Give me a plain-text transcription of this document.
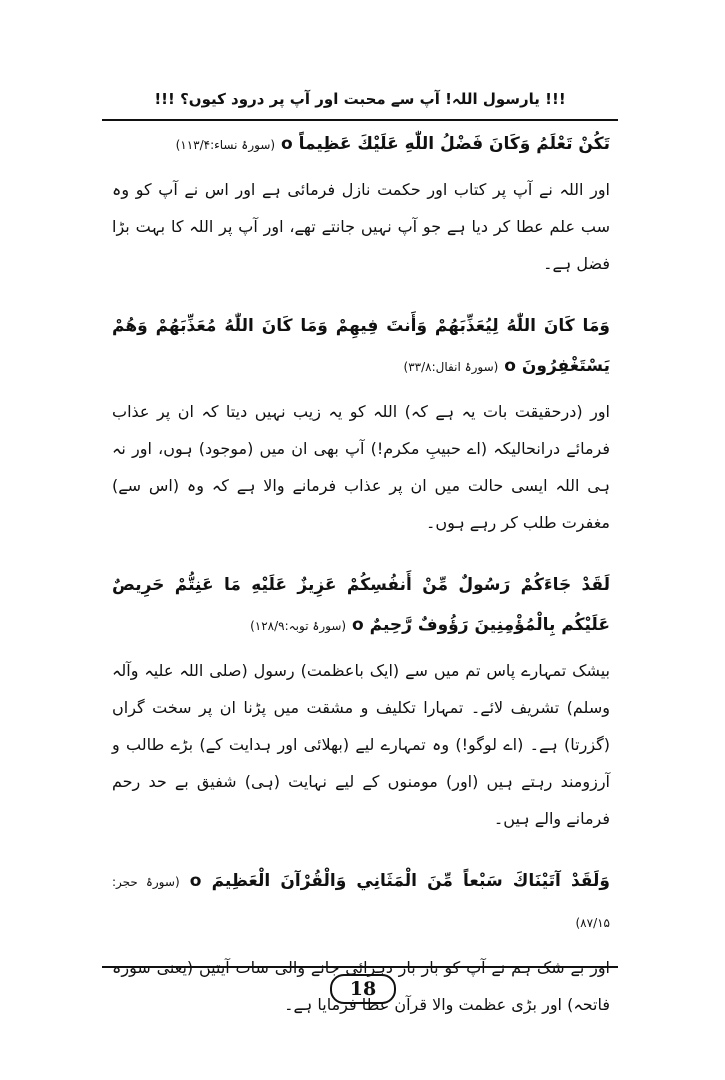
!!! یارسول اللہ! آپ سے محبت اور آپ پر درود کیوں؟ !!!

تَكُنْ تَعْلَمُ وَكَانَ فَضْلُ اللّٰهِ عَلَيْكَ عَظِيماً o (سورۂ نساء:۱۱۳/۴)

اور اللہ نے آپ پر کتاب اور حکمت نازل فرمائی ہے اور اس نے آپ کو وہ سب علم عطا کر دیا ہے جو آپ نہیں جانتے تھے، اور آپ پر اللہ کا بہت بڑا فضل ہے۔

وَمَا كَانَ اللّٰهُ لِيُعَذِّبَهُمْ وَأَنتَ فِيهِمْ وَمَا كَانَ اللّٰهُ مُعَذِّبَهُمْ وَهُمْ يَسْتَغْفِرُونَ o (سورۂ انفال:۳۳/۸)

اور (درحقیقت بات یہ ہے کہ) اللہ کو یہ زیب نہیں دیتا کہ ان پر عذاب فرمائے درانحالیکہ (اے حبیبِ مکرم!) آپ بھی ان میں (موجود) ہوں، اور نہ ہی اللہ ایسی حالت میں ان پر عذاب فرمانے والا ہے کہ وہ (اس سے) مغفرت طلب کر رہے ہوں۔

لَقَدْ جَاءَكُمْ رَسُولٌ مِّنْ أَنفُسِكُمْ عَزِيزٌ عَلَيْهِ مَا عَنِتُّمْ حَرِيصٌ عَلَيْكُم بِالْمُؤْمِنِينَ رَؤُوفٌ رَّحِيمٌ o (سورۂ توبہ:۱۲۸/۹)

بیشک تمہارے پاس تم میں سے (ایک باعظمت) رسول (صلی اللہ علیہ وآلہ وسلم) تشریف لائے۔ تمہارا تکلیف و مشقت میں پڑنا ان پر سخت گراں (گزرتا) ہے۔ (اے لوگو!) وہ تمہارے لیے (بھلائی اور ہدایت کے) بڑے طالب و آرزومند رہتے ہیں (اور) مومنوں کے لیے نہایت (ہی) شفیق بے حد رحم فرمانے والے ہیں۔

وَلَقَدْ آتَيْنَاكَ سَبْعاً مِّنَ الْمَثَانِي وَالْقُرْآنَ الْعَظِيمَ o (سورۂ حجر: ۸۷/۱۵)

فاتحہ) اور بڑی عظمت والا قرآن عطا فرمایا ہے۔

18
